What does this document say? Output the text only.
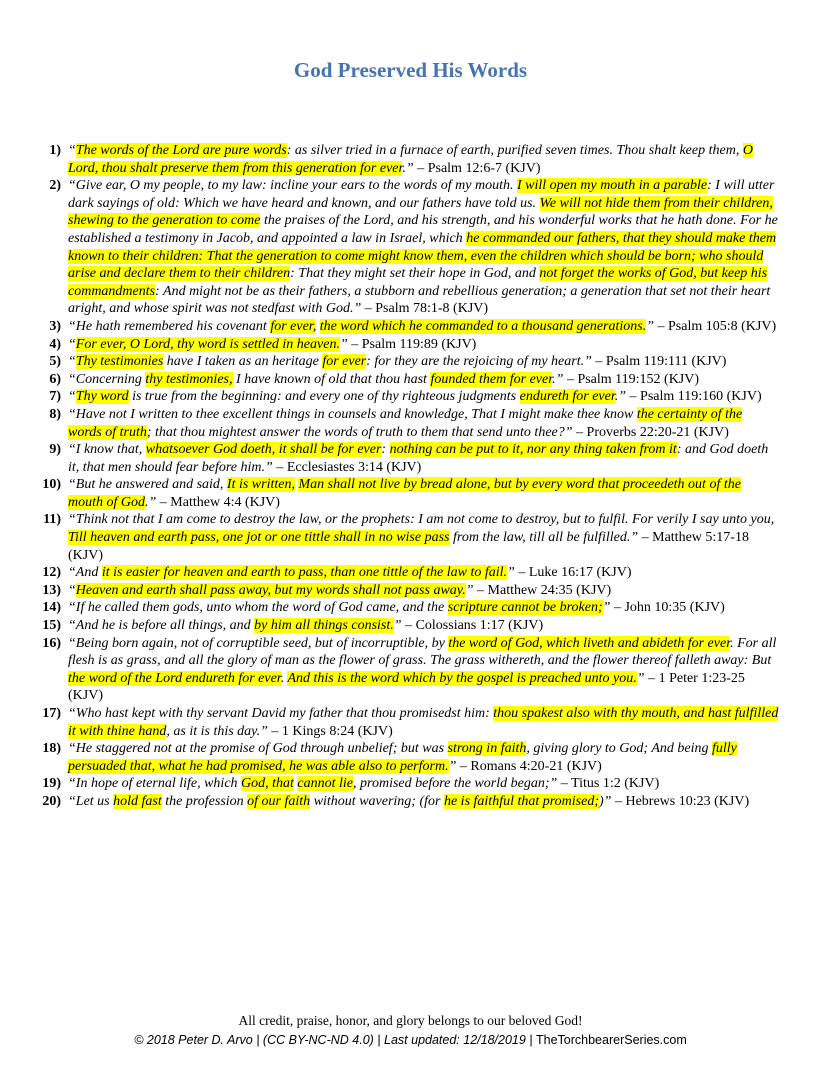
God Preserved His Words
1) “The words of the Lord are pure words: as silver tried in a furnace of earth, purified seven times. Thou shalt keep them, O Lord, thou shalt preserve them from this generation for ever.” – Psalm 12:6-7 (KJV)
2) “Give ear, O my people, to my law: incline your ears to the words of my mouth. I will open my mouth in a parable: I will utter dark sayings of old: Which we have heard and known, and our fathers have told us. We will not hide them from their children, shewing to the generation to come the praises of the Lord, and his strength, and his wonderful works that he hath done. For he established a testimony in Jacob, and appointed a law in Israel, which he commanded our fathers, that they should make them known to their children: That the generation to come might know them, even the children which should be born; who should arise and declare them to their children: That they might set their hope in God, and not forget the works of God, but keep his commandments: And might not be as their fathers, a stubborn and rebellious generation; a generation that set not their heart aright, and whose spirit was not stedfast with God.” – Psalm 78:1-8 (KJV)
3) “He hath remembered his covenant for ever, the word which he commanded to a thousand generations.” – Psalm 105:8 (KJV)
4) “For ever, O Lord, thy word is settled in heaven.” – Psalm 119:89 (KJV)
5) “Thy testimonies have I taken as an heritage for ever: for they are the rejoicing of my heart.” – Psalm 119:111 (KJV)
6) “Concerning thy testimonies, I have known of old that thou hast founded them for ever.” – Psalm 119:152 (KJV)
7) “Thy word is true from the beginning: and every one of thy righteous judgments endureth for ever.” – Psalm 119:160 (KJV)
8) “Have not I written to thee excellent things in counsels and knowledge, That I might make thee know the certainty of the words of truth; that thou mightest answer the words of truth to them that send unto thee?” – Proverbs 22:20-21 (KJV)
9) “I know that, whatsoever God doeth, it shall be for ever: nothing can be put to it, nor any thing taken from it: and God doeth it, that men should fear before him.” – Ecclesiastes 3:14 (KJV)
10) “But he answered and said, It is written, Man shall not live by bread alone, but by every word that proceedeth out of the mouth of God.” – Matthew 4:4 (KJV)
11) “Think not that I am come to destroy the law, or the prophets: I am not come to destroy, but to fulfil. For verily I say unto you, Till heaven and earth pass, one jot or one tittle shall in no wise pass from the law, till all be fulfilled.” – Matthew 5:17-18 (KJV)
12) “And it is easier for heaven and earth to pass, than one tittle of the law to fail.” – Luke 16:17 (KJV)
13) “Heaven and earth shall pass away, but my words shall not pass away.” – Matthew 24:35 (KJV)
14) “If he called them gods, unto whom the word of God came, and the scripture cannot be broken;” – John 10:35 (KJV)
15) “And he is before all things, and by him all things consist.” – Colossians 1:17 (KJV)
16) “Being born again, not of corruptible seed, but of incorruptible, by the word of God, which liveth and abideth for ever. For all flesh is as grass, and all the glory of man as the flower of grass. The grass withereth, and the flower thereof falleth away: But the word of the Lord endureth for ever. And this is the word which by the gospel is preached unto you.” – 1 Peter 1:23-25 (KJV)
17) “Who hast kept with thy servant David my father that thou promisedst him: thou spakest also with thy mouth, and hast fulfilled it with thine hand, as it is this day.” – 1 Kings 8:24 (KJV)
18) “He staggered not at the promise of God through unbelief; but was strong in faith, giving glory to God; And being fully persuaded that, what he had promised, he was able also to perform.” – Romans 4:20-21 (KJV)
19) “In hope of eternal life, which God, that cannot lie, promised before the world began;” – Titus 1:2 (KJV)
20) “Let us hold fast the profession of our faith without wavering; (for he is faithful that promised;)” – Hebrews 10:23 (KJV)
All credit, praise, honor, and glory belongs to our beloved God!
© 2018 Peter D. Arvo | (CC BY-NC-ND 4.0) | Last updated: 12/18/2019 | TheTorchbearerSeries.com
